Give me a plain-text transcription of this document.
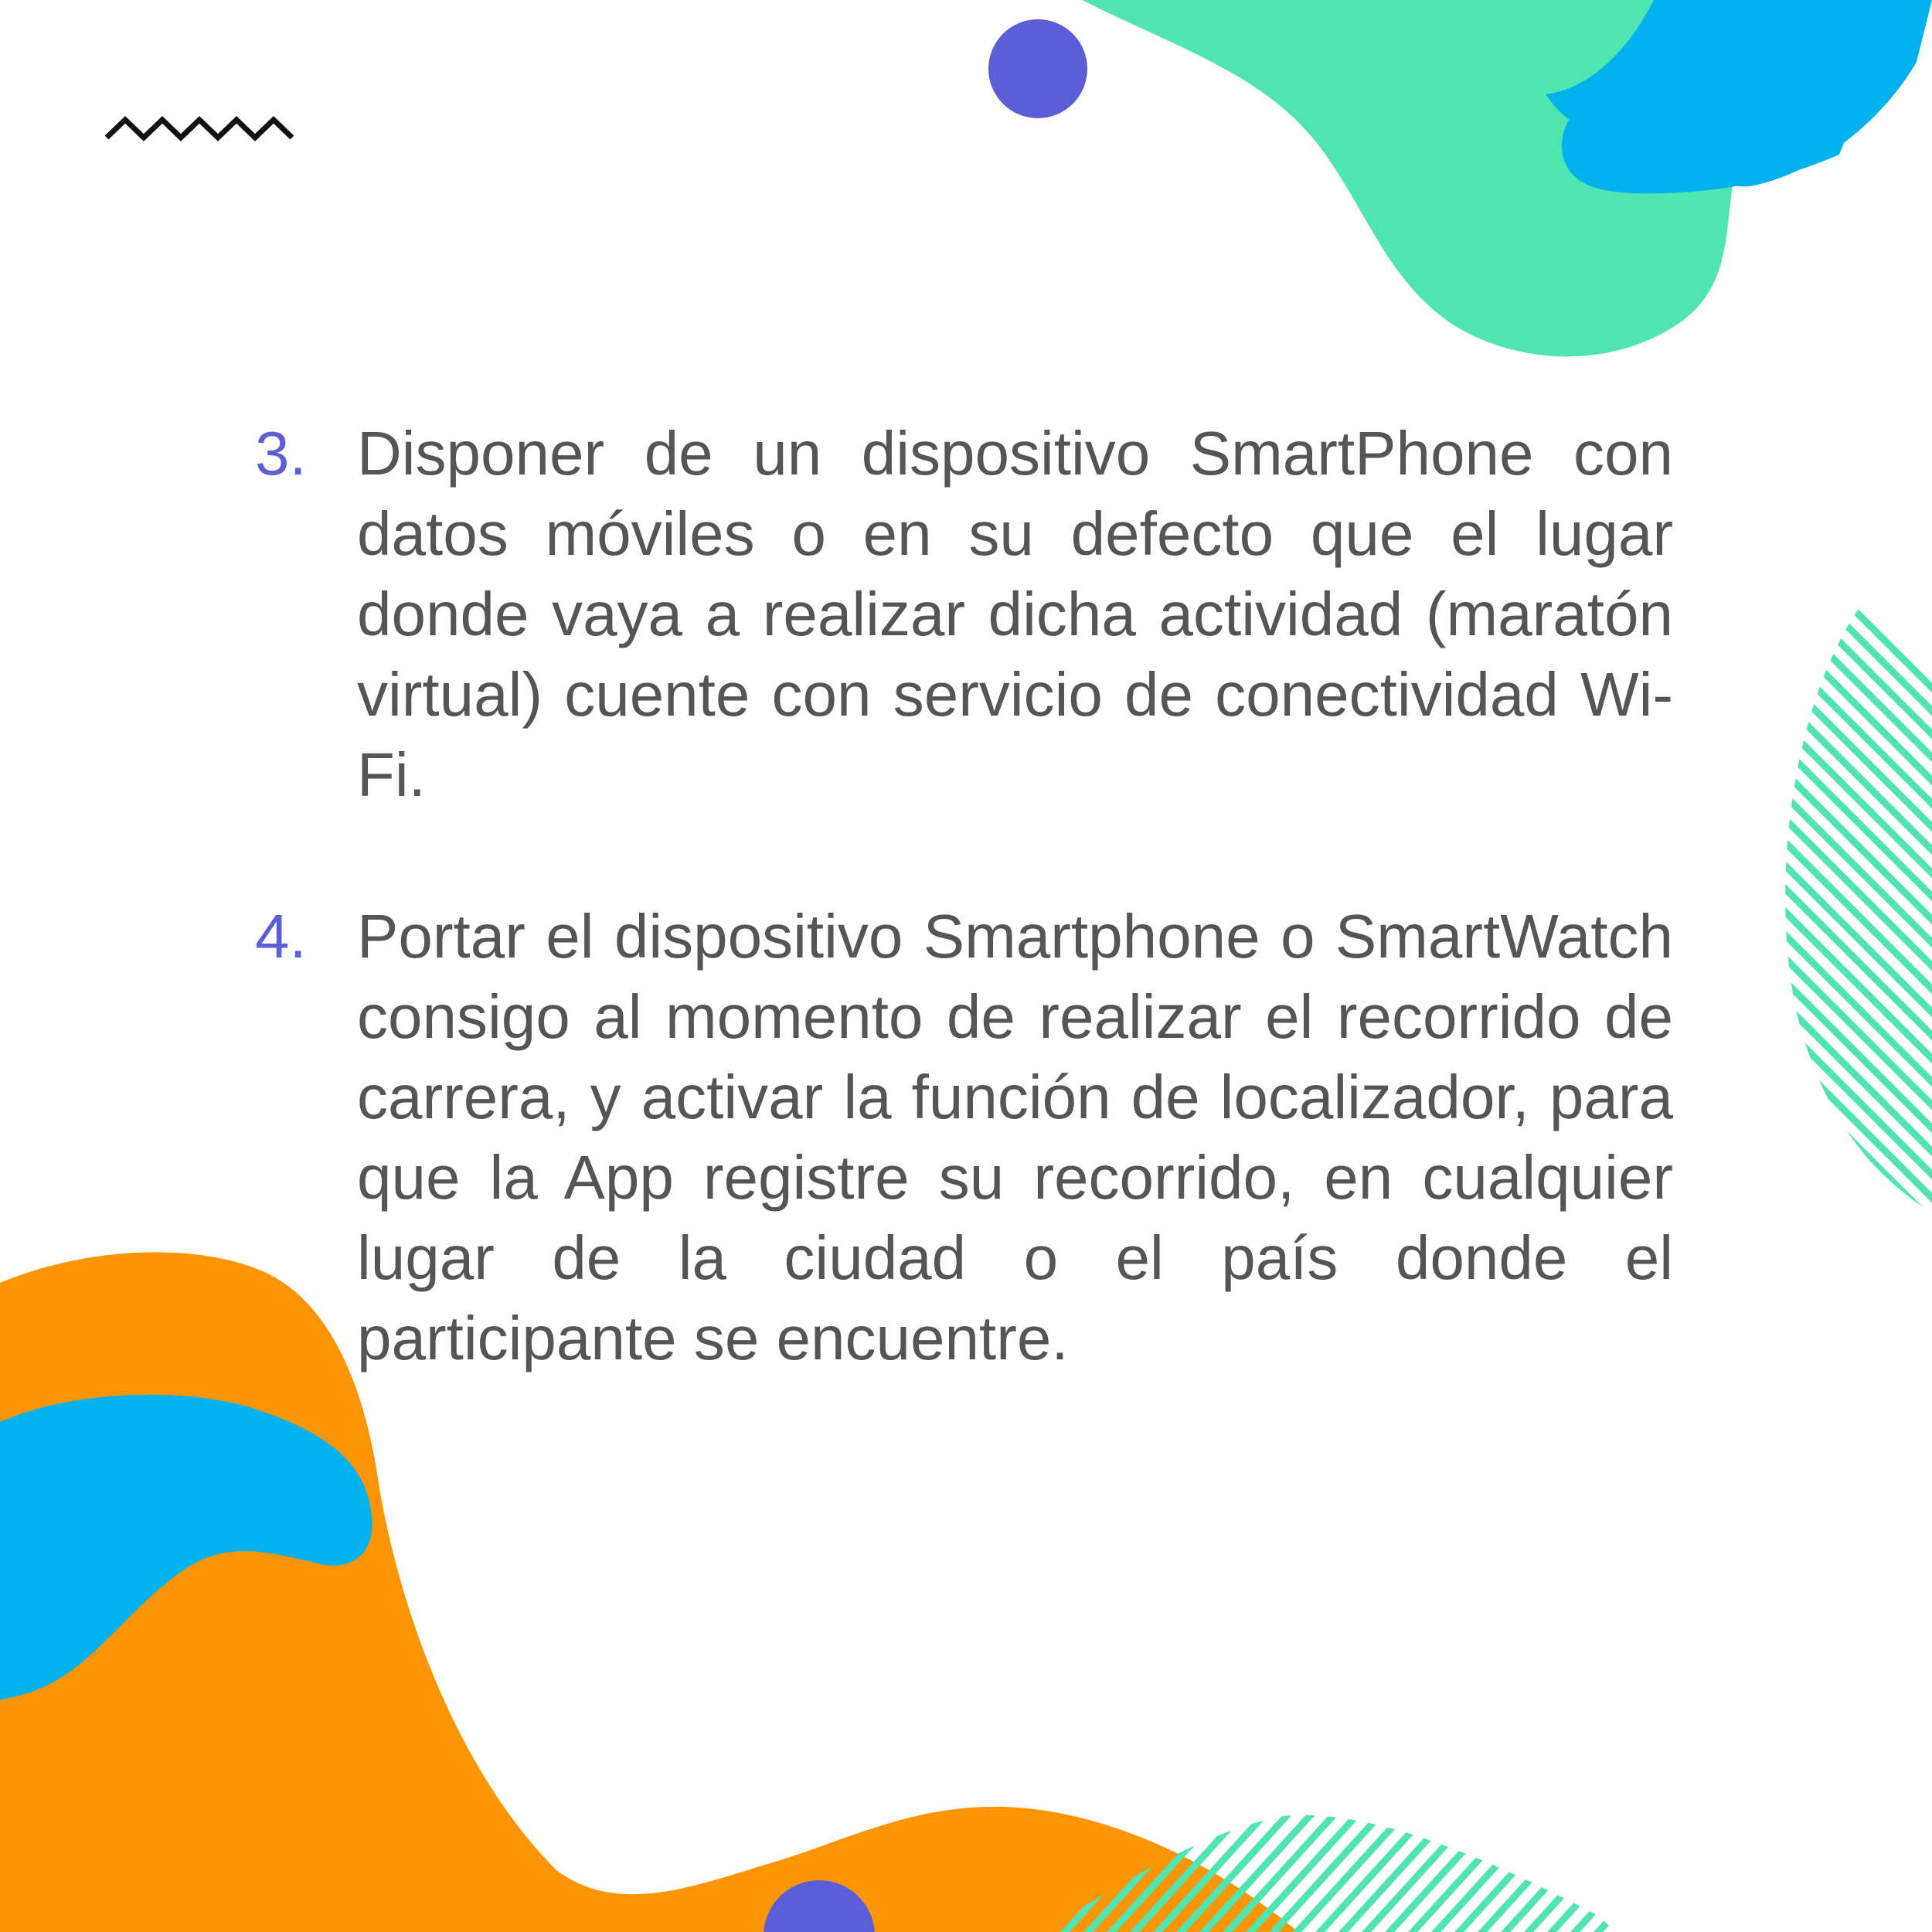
3. Disponer de un dispositivo SmartPhone con datos móviles o en su defecto que el lugar donde vaya a realizar dicha actividad (maratón virtual) cuente con servicio de conectividad Wi-Fi.
4. Portar el dispositivo Smartphone o SmartWatch consigo al momento de realizar el recorrido de carrera, y activar la función de localizador, para que la App registre su recorrido, en cualquier lugar de la ciudad o el país donde el participante se encuentre.
